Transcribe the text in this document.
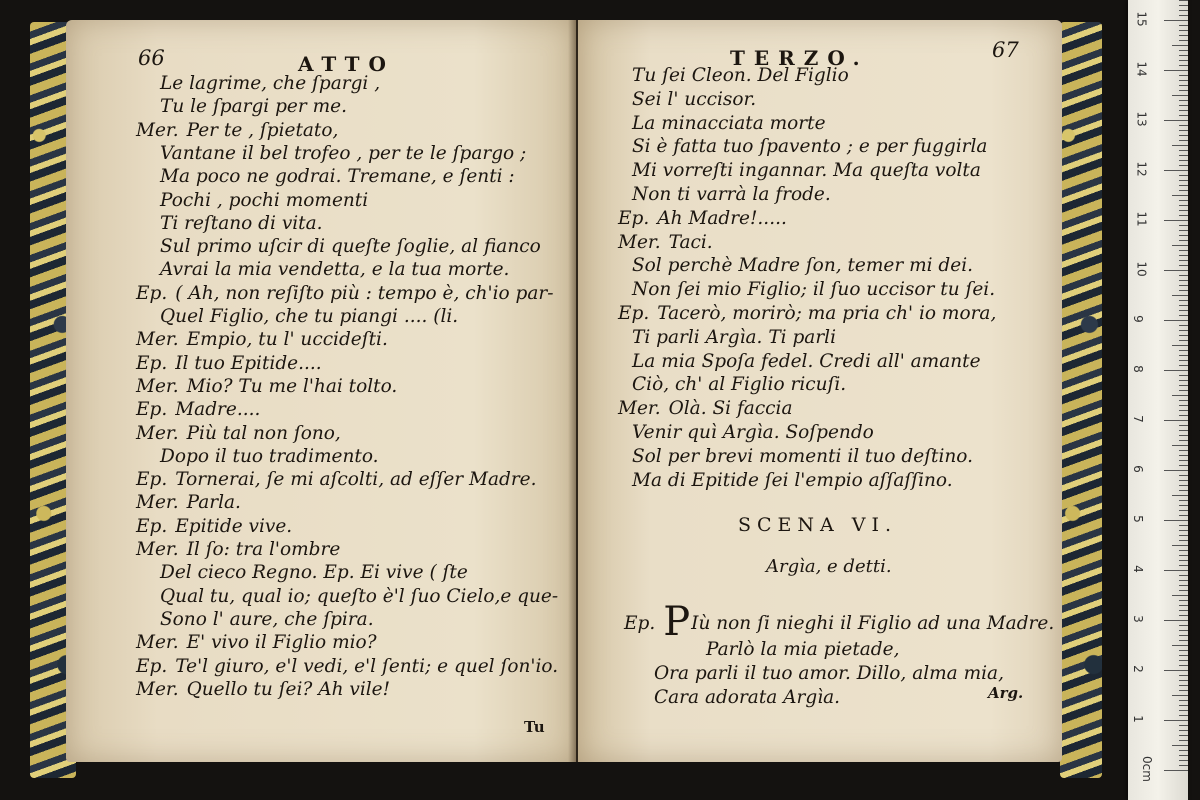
66	ATTO
Le lagrime, che ſpargi ,
Tu le ſpargi per me.
Mer. Per te , ſpietato,
Vantane il bel trofeo , per te le ſpargo ;
Ma poco ne godrai. Tremane, e ſenti :
Pochi , pochi momenti
Ti reſtano di vita.
Sul primo uſcir di queſte ſoglie, al fianco
Avrai la mia vendetta, e la tua morte.
Ep. ( Ah, non reſiſto più : tempo è, ch'io par-
Quel Figlio, che tu piangi .... (li.
Mer. Empio, tu l' uccideſti.
Ep. Il tuo Epitide....
Mer. Mio? Tu me l'hai tolto.
Ep. Madre....
Mer. Più tal non ſono,
Dopo il tuo tradimento.
Ep. Tornerai, ſe mi aſcolti, ad eſſer Madre.
Mer. Parla.
Ep. Epitide vive.
Mer. Il ſo: tra l'ombre
Del cieco Regno. Ep. Ei vive ( ſte
Qual tu, qual io; queſto è'l ſuo Cielo,e que-
Sono l' aure, che ſpira.
Mer. E' vivo il Figlio mio?
Ep. Te'l giuro, e'l vedi, e'l ſenti; e quel ſon'io.
Mer. Quello tu ſei? Ah vile!
Tu
TERZO.	67
Tu ſei Cleon. Del Figlio
Sei l' uccisor.
La minacciata morte
Si è fatta tuo ſpavento ; e per fuggirla
Mi vorreſti ingannar. Ma queſta volta
Non ti varrà la frode.
Ep. Ah Madre!.....
Mer. Taci.
Sol perchè Madre ſon, temer mi dei.
Non ſei mio Figlio; il ſuo uccisor tu ſei.
Ep. Tacerò, morirò; ma pria ch' io mora,
Ti parli Argìa. Ti parli
La mia Spoſa fedel. Credi all' amante
Ciò, ch' al Figlio ricuſi.
Mer. Olà. Si faccia
Venir quì Argìa. Soſpendo
Sol per brevi momenti il tuo deſtino.
Ma di Epitide ſei l'empio aſſaſſino.
SCENA VI.
Argìa, e detti.
Ep. PIù non ſi nieghi il Figlio ad una Madre.
Parlò la mia pietade,
Ora parli il tuo amor. Dillo, alma mia,
Cara adorata Argìa.	Arg.
15
14
13
12
11
10
9
8
7
6
5
4
3
2
1
0cm
